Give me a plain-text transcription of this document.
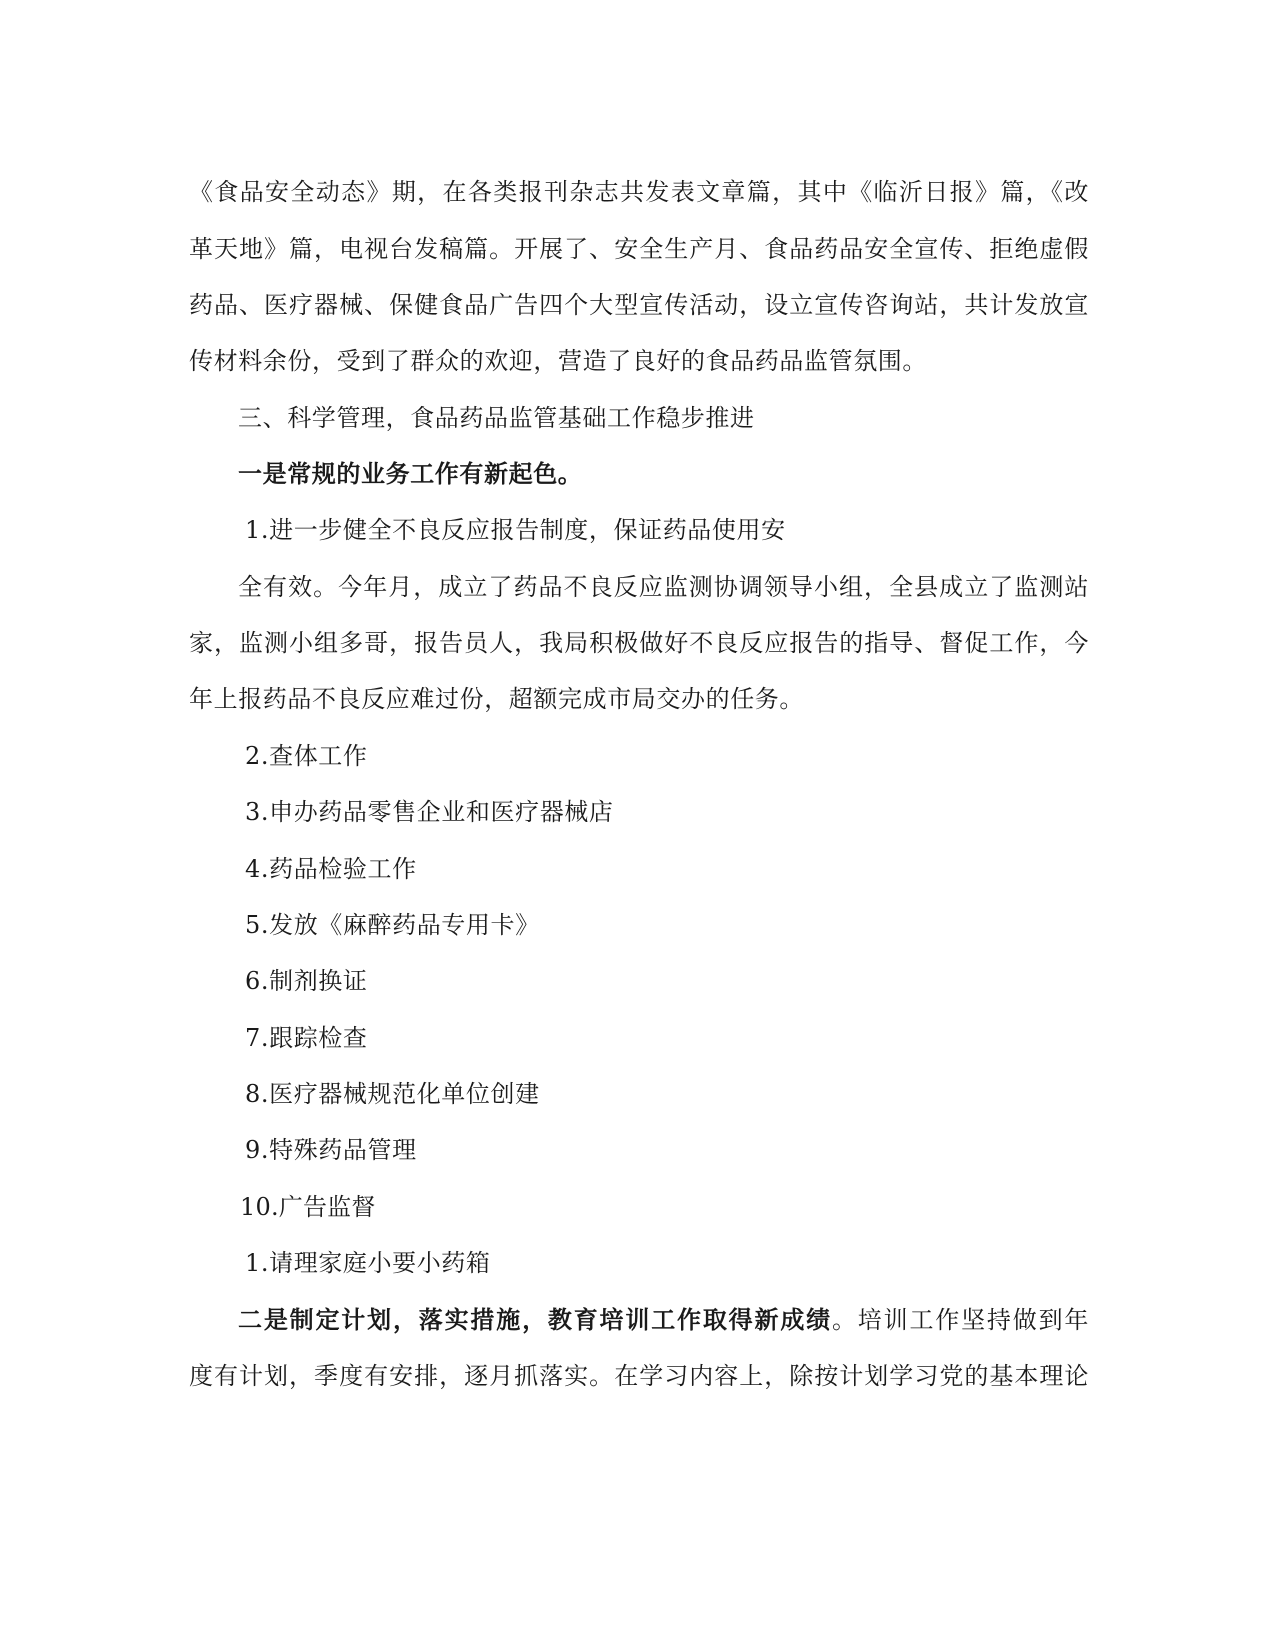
《食品安全动态》期，在各类报刊杂志共发表文章篇，其中《临沂日报》篇，《改
革天地》篇，电视台发稿篇。开展了、安全生产月、食品药品安全宣传、拒绝虚假
药品、医疗器械、保健食品广告四个大型宣传活动，设立宣传咨询站，共计发放宣
传材料余份，受到了群众的欢迎，营造了良好的食品药品监管氛围。
三、科学管理，食品药品监管基础工作稳步推进
一是常规的业务工作有新起色。
1.进一步健全不良反应报告制度，保证药品使用安
全有效。今年月，成立了药品不良反应监测协调领导小组，全县成立了监测站
家，监测小组多哥，报告员人，我局积极做好不良反应报告的指导、督促工作，今
年上报药品不良反应难过份，超额完成市局交办的任务。
2.查体工作
3.申办药品零售企业和医疗器械店
4.药品检验工作
5.发放《麻醉药品专用卡》
6.制剂换证
7.跟踪检查
8.医疗器械规范化单位创建
9.特殊药品管理
10.广告监督
1.请理家庭小要小药箱
二是制定计划，落实措施，教育培训工作取得新成绩。培训工作坚持做到年
度有计划，季度有安排，逐月抓落实。在学习内容上，除按计划学习党的基本理论
